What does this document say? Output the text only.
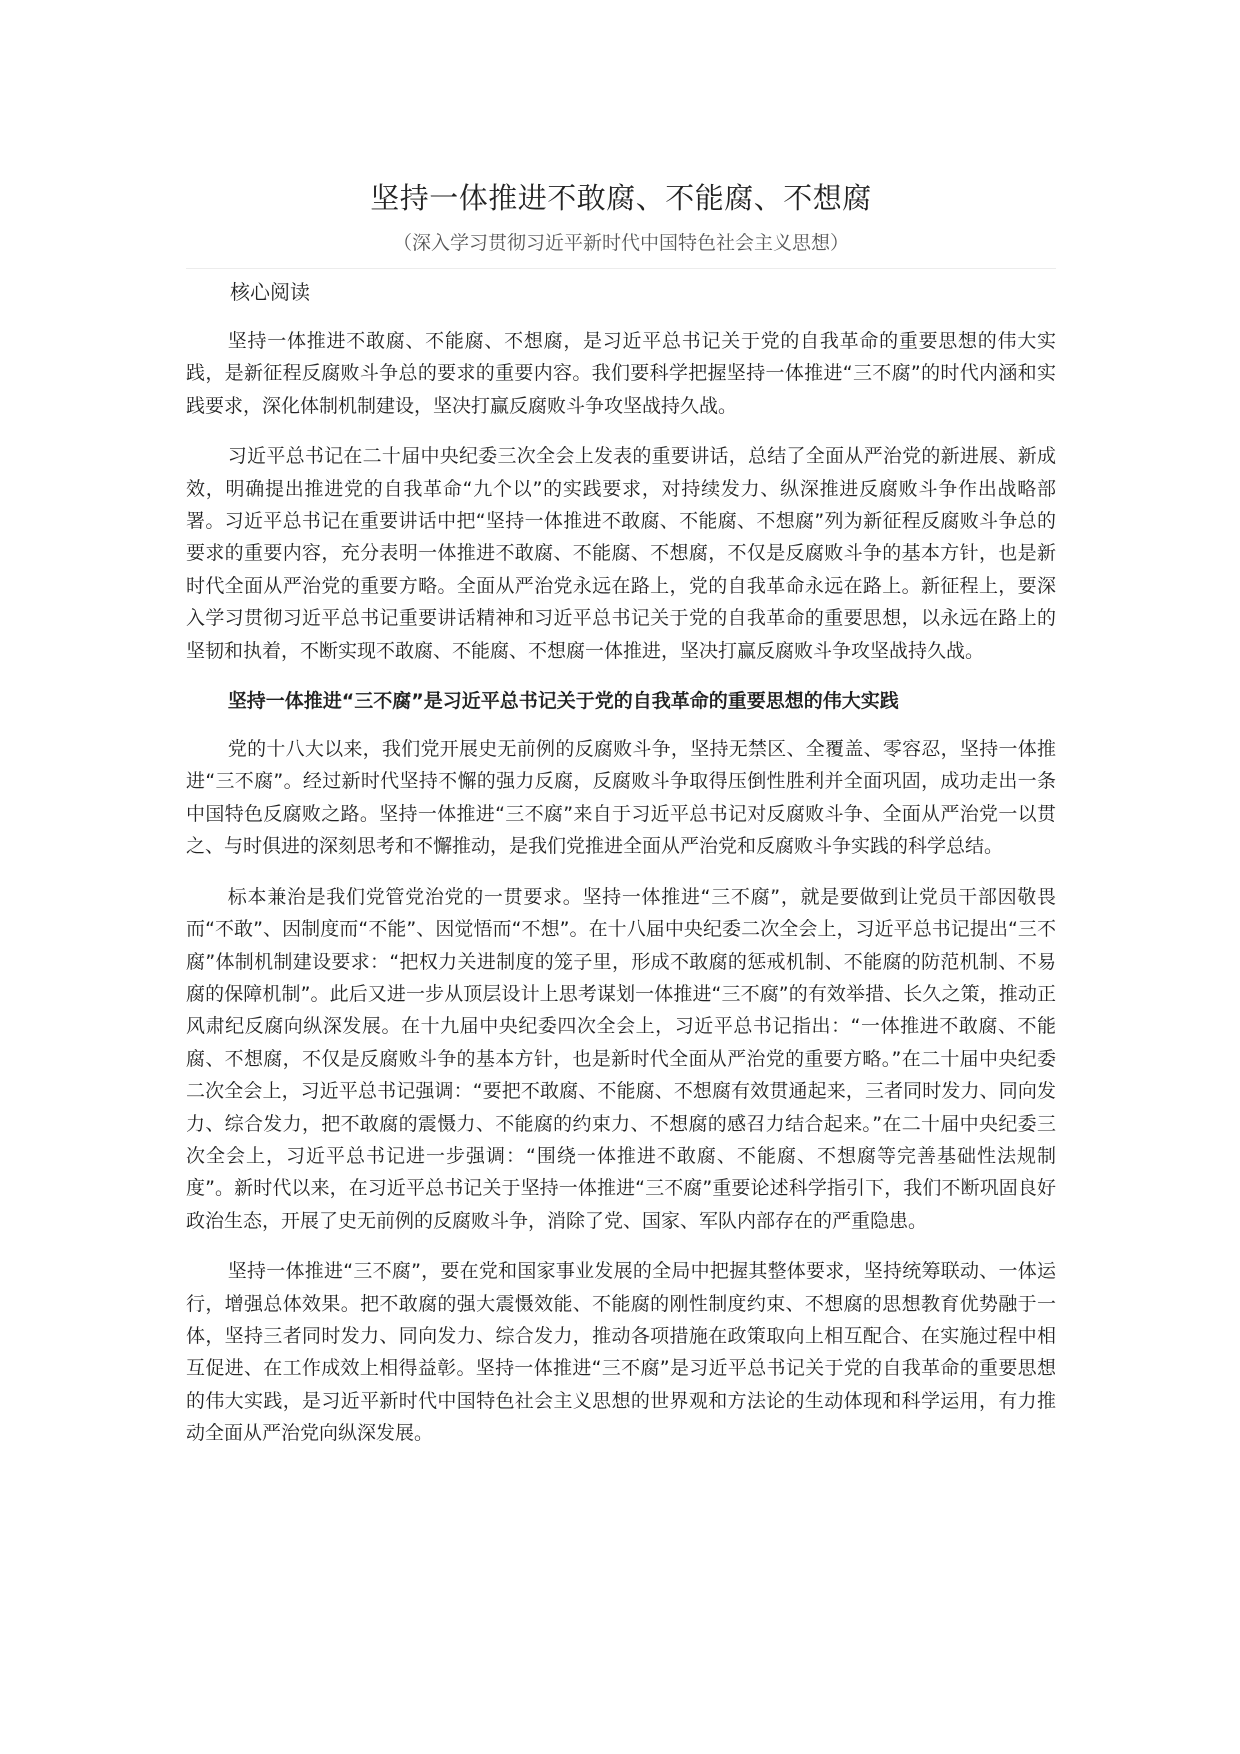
坚持一体推进不敢腐、不能腐、不想腐
（深入学习贯彻习近平新时代中国特色社会主义思想）
核心阅读

坚持一体推进不敢腐、不能腐、不想腐，是习近平总书记关于党的自我革命的重要思想的伟大实践，是新征程反腐败斗争总的要求的重要内容。我们要科学把握坚持一体推进“三不腐”的时代内涵和实践要求，深化体制机制建设，坚决打赢反腐败斗争攻坚战持久战。

习近平总书记在二十届中央纪委三次全会上发表的重要讲话，总结了全面从严治党的新进展、新成效，明确提出推进党的自我革命“九个以”的实践要求，对持续发力、纵深推进反腐败斗争作出战略部署。习近平总书记在重要讲话中把“坚持一体推进不敢腐、不能腐、不想腐”列为新征程反腐败斗争总的要求的重要内容，充分表明一体推进不敢腐、不能腐、不想腐，不仅是反腐败斗争的基本方针，也是新时代全面从严治党的重要方略。全面从严治党永远在路上，党的自我革命永远在路上。新征程上，要深入学习贯彻习近平总书记重要讲话精神和习近平总书记关于党的自我革命的重要思想，以永远在路上的坚韧和执着，不断实现不敢腐、不能腐、不想腐一体推进，坚决打赢反腐败斗争攻坚战持久战。

坚持一体推进“三不腐”是习近平总书记关于党的自我革命的重要思想的伟大实践

党的十八大以来，我们党开展史无前例的反腐败斗争，坚持无禁区、全覆盖、零容忍，坚持一体推进“三不腐”。经过新时代坚持不懈的强力反腐，反腐败斗争取得压倒性胜利并全面巩固，成功走出一条中国特色反腐败之路。坚持一体推进“三不腐”来自于习近平总书记对反腐败斗争、全面从严治党一以贯之、与时俱进的深刻思考和不懈推动，是我们党推进全面从严治党和反腐败斗争实践的科学总结。

标本兼治是我们党管党治党的一贯要求。坚持一体推进“三不腐”，就是要做到让党员干部因敬畏而“不敢”、因制度而“不能”、因觉悟而“不想”。在十八届中央纪委二次全会上，习近平总书记提出“三不腐”体制机制建设要求：“把权力关进制度的笼子里，形成不敢腐的惩戒机制、不能腐的防范机制、不易腐的保障机制”。此后又进一步从顶层设计上思考谋划一体推进“三不腐”的有效举措、长久之策，推动正风肃纪反腐向纵深发展。在十九届中央纪委四次全会上，习近平总书记指出：“一体推进不敢腐、不能腐、不想腐，不仅是反腐败斗争的基本方针，也是新时代全面从严治党的重要方略。”在二十届中央纪委二次全会上，习近平总书记强调：“要把不敢腐、不能腐、不想腐有效贯通起来，三者同时发力、同向发力、综合发力，把不敢腐的震慑力、不能腐的约束力、不想腐的感召力结合起来。”在二十届中央纪委三次全会上，习近平总书记进一步强调：“围绕一体推进不敢腐、不能腐、不想腐等完善基础性法规制度”。新时代以来，在习近平总书记关于坚持一体推进“三不腐”重要论述科学指引下，我们不断巩固良好政治生态，开展了史无前例的反腐败斗争，消除了党、国家、军队内部存在的严重隐患。

坚持一体推进“三不腐”，要在党和国家事业发展的全局中把握其整体要求，坚持统筹联动、一体运行，增强总体效果。把不敢腐的强大震慑效能、不能腐的刚性制度约束、不想腐的思想教育优势融于一体，坚持三者同时发力、同向发力、综合发力，推动各项措施在政策取向上相互配合、在实施过程中相互促进、在工作成效上相得益彰。坚持一体推进“三不腐”是习近平总书记关于党的自我革命的重要思想的伟大实践，是习近平新时代中国特色社会主义思想的世界观和方法论的生动体现和科学运用，有力推动全面从严治党向纵深发展。
